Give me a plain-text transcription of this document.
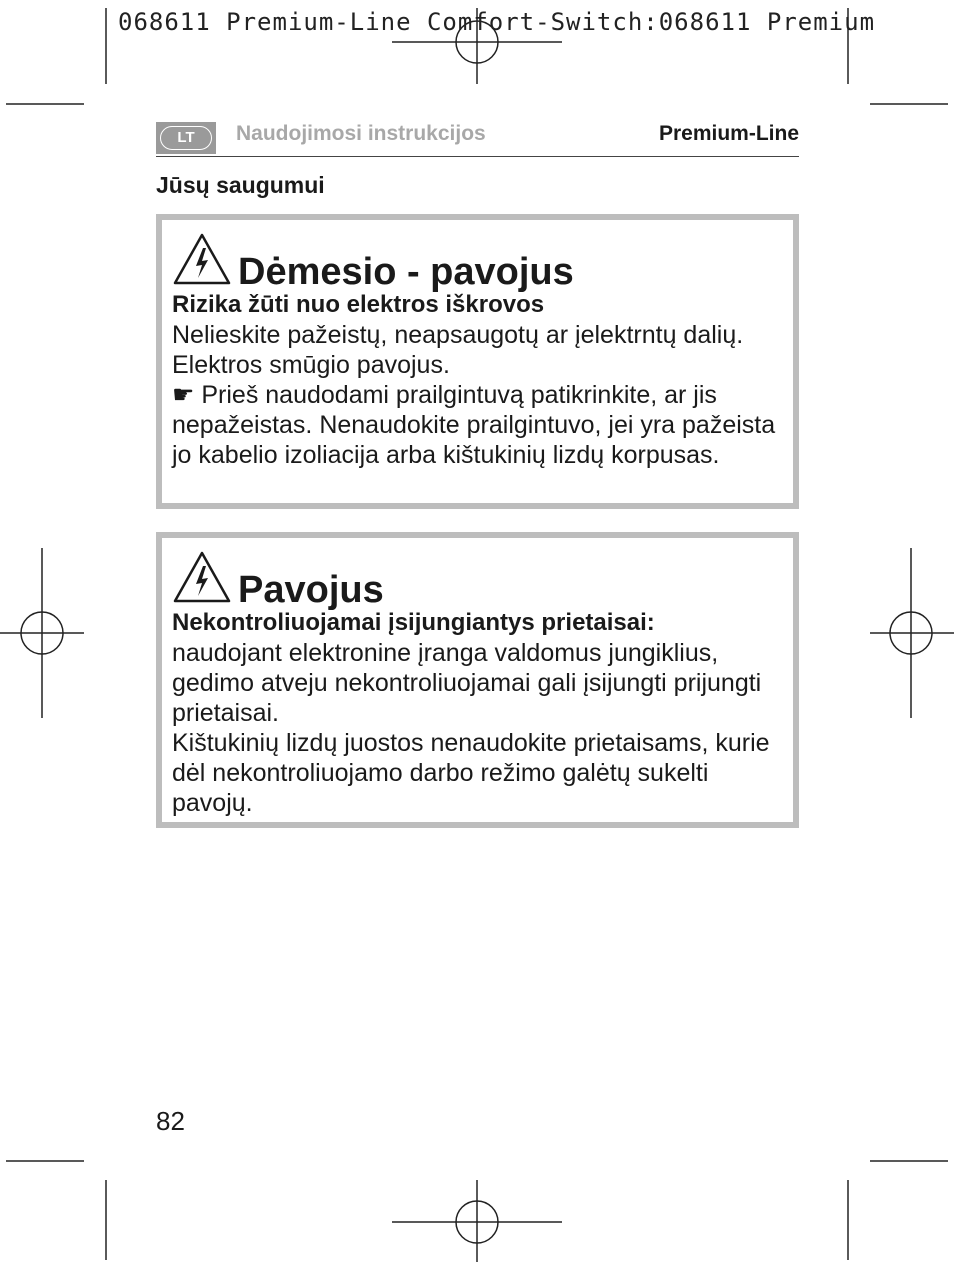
068611 Premium-Line Comfort-Switch:068611 Premium
LT	Naudojimosi instrukcijos	Premium-Line
Jūsų saugumui
Dėmesio - pavojus
Rizika žūti nuo elektros iškrovos
Nelieskite pažeistų, neapsaugotų ar įelektrntų dalių. Elektros smūgio pavojus.
☛ Prieš naudodami prailgintuvą patikrinkite, ar jis nepažeistas. Nenaudokite prailgintuvo, jei yra pažeista jo kabelio izoliacija arba kištukinių lizdų korpusas.
Pavojus
Nekontroliuojamai įsijungiantys prietaisai:
naudojant elektronine įranga valdomus jungiklius, gedimo atveju nekontroliuojamai gali įsijungti prijungti prietaisai.
Kištukinių lizdų juostos nenaudokite prietaisams, kurie dėl nekontroliuojamo darbo režimo galėtų sukelti pavojų.
82
